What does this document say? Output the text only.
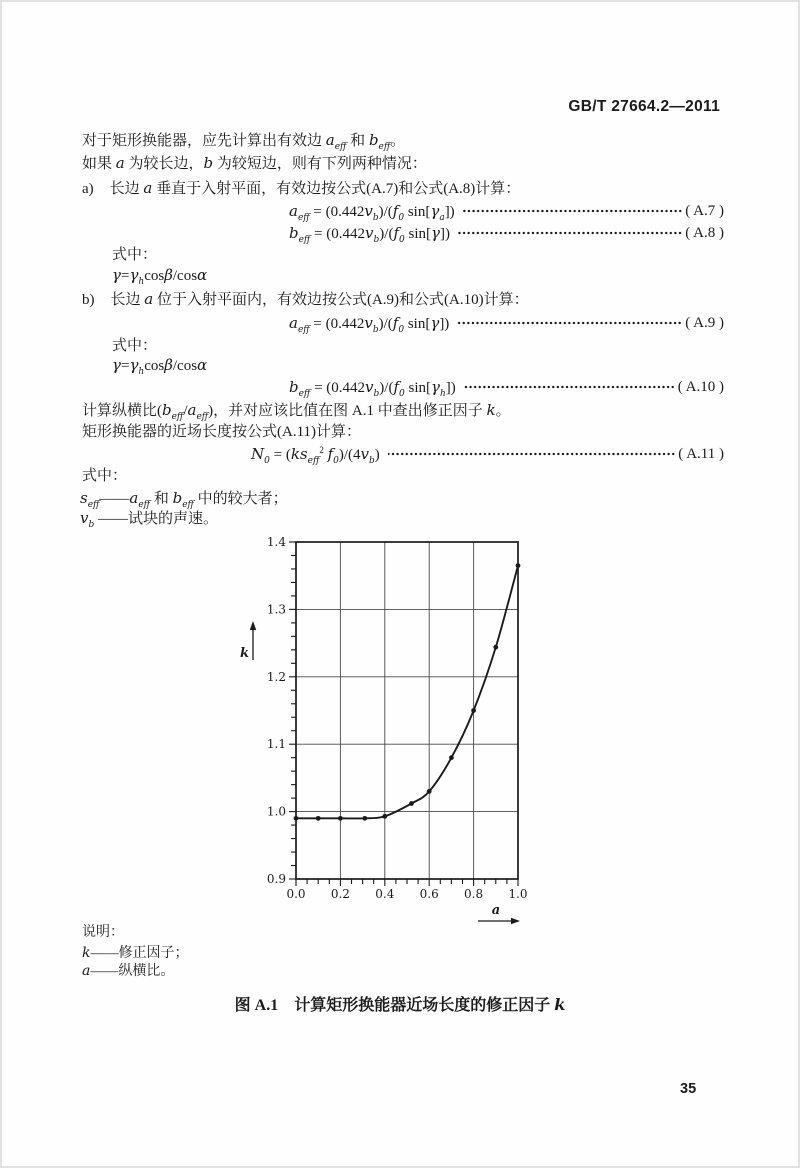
GB/T 27664.2—2011
对于矩形换能器，应先计算出有效边 $a_{eff}$ 和 $b_{eff}$。
如果 a 为较长边，b 为较短边，则有下列两种情况：
a) 长边 a 垂直于入射平面，有效边按公式(A.7)和公式(A.8)计算：
$a_{eff} = (0.442v_b)/(f_0$ $\sin[\gamma_a]$)	( A.7 )
$b_{eff} = (0.442v_b)/(f_0$ sin[γ])	( A.8 )
式中：
$\gamma=\gamma_h\cos\beta$/cosα
b) 长边 a 位于入射平面内，有效边按公式(A.9)和公式(A.10)计算：
$a_{eff} = (0.442v_b)/(f_0$ sin[γ])	( A.9 )
式中：
$\gamma=\gamma_h\cos\beta$/cosα
$b_{eff} = (0.442v_b)/(f_0$ $\sin[\gamma_h]$)	( A.10 )
计算纵横比$(b_{eff}/a_{eff})$，并对应该比值在图 A.1 中查出修正因子 k。
矩形换能器的近场长度按公式(A.11)计算：
$N_0 = (ks_{eff}^2$ $f_0)/(4v_b)$	( A.11 )
式中：
$s_{eff}——a_{eff}$ 和 $b_{eff}$ 中的较大者；
$v_b$ ——试块的声速。
0.0 0.2 0.4 0.6 0.8 1.0
0.9
1.0
1.1
1.2
1.3
1.4
k
a
说明：
k——修正因子；
a——纵横比。
图 A.1　计算矩形换能器近场长度的修正因子 k
35
